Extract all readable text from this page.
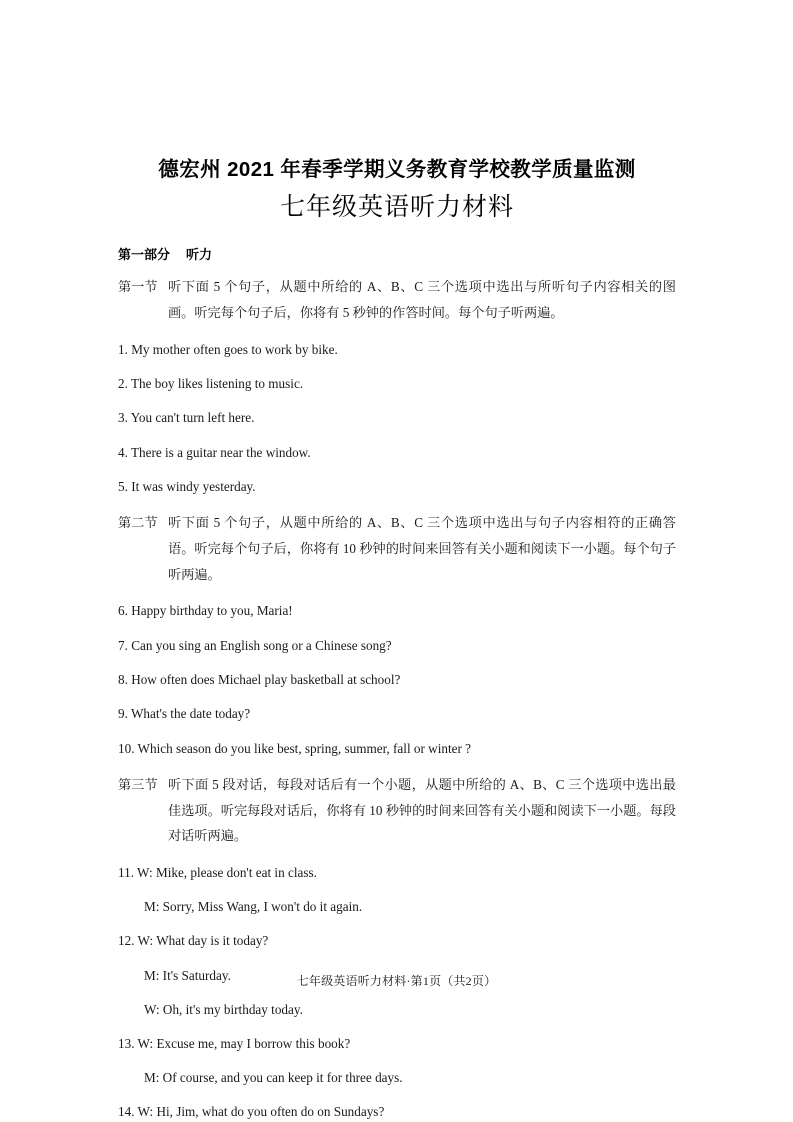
德宏州 2021 年春季学期义务教育学校教学质量监测
七年级英语听力材料

第一部分 听力

第一节 听下面 5 个句子，从题中所给的 A、B、C 三个选项中选出与所听句子内容相关的图画。听完每个句子后，你将有 5 秒钟的作答时间。每个句子听两遍。

1. My mother often goes to work by bike.

2. The boy likes listening to music.

3. You can't turn left here.

4. There is a guitar near the window.

5. It was windy yesterday.

第二节 听下面 5 个句子，从题中所给的 A、B、C 三个选项中选出与句子内容相符的正确答语。听完每个句子后，你将有 10 秒钟的时间来回答有关小题和阅读下一小题。每个句子听两遍。

6. Happy birthday to you, Maria!

7. Can you sing an English song or a Chinese song?

8. How often does Michael play basketball at school?

9. What's the date today?

10. Which season do you like best, spring, summer, fall or winter ?

第三节 听下面 5 段对话，每段对话后有一个小题，从题中所给的 A、B、C 三个选项中选出最佳选项。听完每段对话后，你将有 10 秒钟的时间来回答有关小题和阅读下一小题。每段对话听两遍。
11. W: Mike, please don't eat in class.
M: Sorry, Miss Wang, I won't do it again.
12. W: What day is it today?
M: It's Saturday.
W: Oh, it's my birthday today.
13. W: Excuse me, may I borrow this book?
M: Of course, and you can keep it for three days.
14. W: Hi, Jim, what do you often do on Sundays?
七年级英语听力材料·第1页（共2页）
